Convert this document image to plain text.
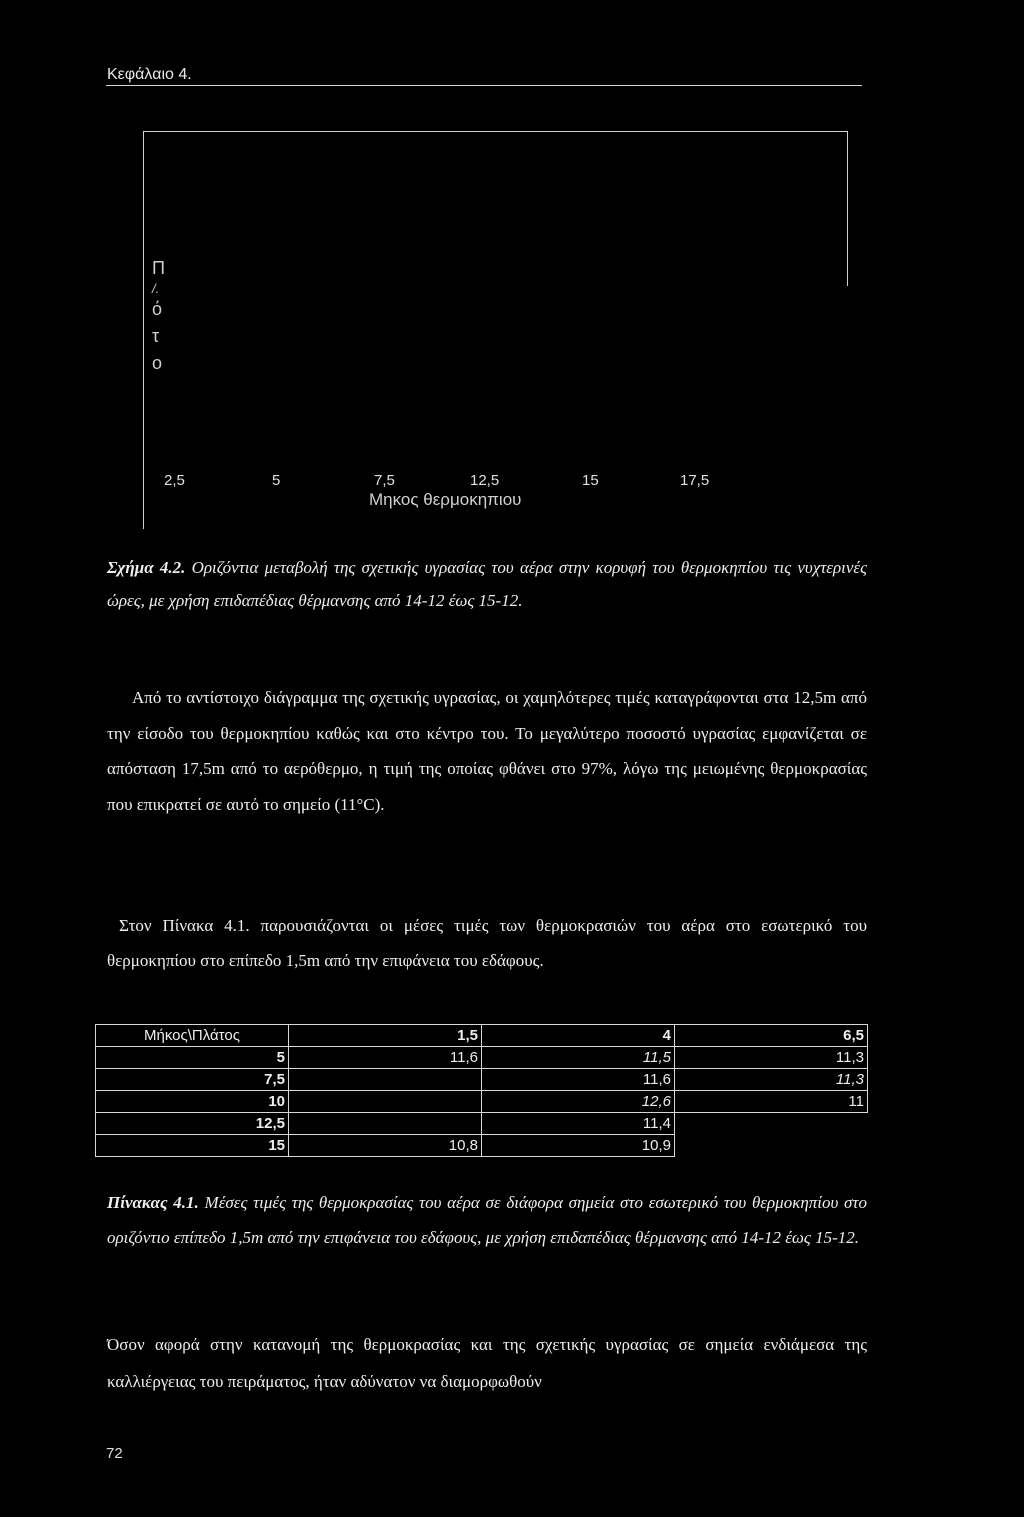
Κεφάλαιο 4.
Π
/.
ό
τ
ο
2,5	5	7,5	12,5	15	17,5
Μηκος θερμοκηπιου
Σχήμα 4.2. Οριζόντια μεταβολή της σχετικής υγρασίας του αέρα στην κορυφή του θερμοκηπίου τις νυχτερινές ώρες, με χρήση επιδαπέδιας θέρμανσης από 14-12 έως 15-12.
Από το αντίστοιχο διάγραμμα της σχετικής υγρασίας, οι χαμηλότερες τιμές καταγράφονται στα 12,5m από την είσοδο του θερμοκηπίου καθώς και στο κέντρο του. Το μεγαλύτερο ποσοστό υγρασίας εμφανίζεται σε απόσταση 17,5m από το αερόθερμο, η τιμή της οποίας φθάνει στο 97%, λόγω της μειωμένης θερμοκρασίας που επικρατεί σε αυτό το σημείο (11°C).
Στον Πίνακα 4.1. παρουσιάζονται οι μέσες τιμές των θερμοκρασιών του αέρα στο εσωτερικό του θερμοκηπίου στο επίπεδο 1,5m από την επιφάνεια του εδάφους.
Μήκος\Πλάτος	1,5	4	6,5
5	11,6	11,5	11,3
7,5		11,6	11,3
10		12,6	11
12,5		11,4	
15	10,8	10,9	
Πίνακας 4.1. Μέσες τιμές της θερμοκρασίας του αέρα σε διάφορα σημεία στο εσωτερικό του θερμοκηπίου στο οριζόντιο επίπεδο 1,5m από την επιφάνεια του εδάφους, με χρήση επιδαπέδιας θέρμανσης από 14-12 έως 15-12.
Όσον αφορά στην κατανομή της θερμοκρασίας και της σχετικής υγρασίας σε σημεία ενδιάμεσα της καλλιέργειας του πειράματος, ήταν αδύνατον να διαμορφωθούν
72
